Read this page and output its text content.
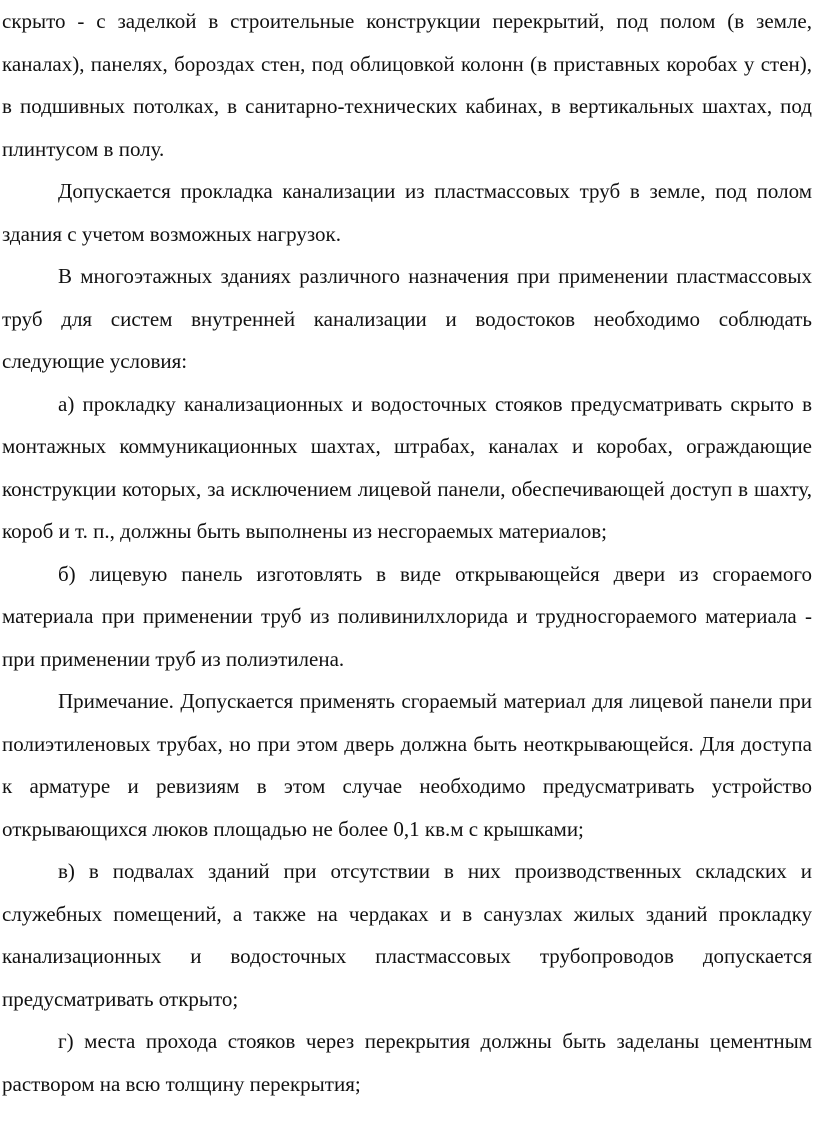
скрыто - с заделкой в строительные конструкции перекрытий, под полом (в земле, каналах), панелях, бороздах стен, под облицовкой колонн (в приставных коробах у стен), в подшивных потолках, в санитарно-технических кабинах, в вертикальных шахтах, под плинтусом в полу.

Допускается прокладка канализации из пластмассовых труб в земле, под полом здания с учетом возможных нагрузок.

В многоэтажных зданиях различного назначения при применении пластмассовых труб для систем внутренней канализации и водостоков необходимо соблюдать следующие условия:

а) прокладку канализационных и водосточных стояков предусматривать скрыто в монтажных коммуникационных шахтах, штрабах, каналах и коробах, ограждающие конструкции которых, за исключением лицевой панели, обеспечивающей доступ в шахту, короб и т. п., должны быть выполнены из несгораемых материалов;

б) лицевую панель изготовлять в виде открывающейся двери из сгораемого материала при применении труб из поливинилхлорида и трудносгораемого материала - при применении труб из полиэтилена.

Примечание. Допускается применять сгораемый материал для лицевой панели при полиэтиленовых трубах, но при этом дверь должна быть неоткрывающейся. Для доступа к арматуре и ревизиям в этом случае необходимо предусматривать устройство открывающихся люков площадью не более 0,1 кв.м с крышками;

в) в подвалах зданий при отсутствии в них производственных складских и служебных помещений, а также на чердаках и в санузлах жилых зданий прокладку канализационных и водосточных пластмассовых трубопроводов допускается предусматривать открыто;

г) места прохода стояков через перекрытия должны быть заделаны цементным раствором на всю толщину перекрытия;
